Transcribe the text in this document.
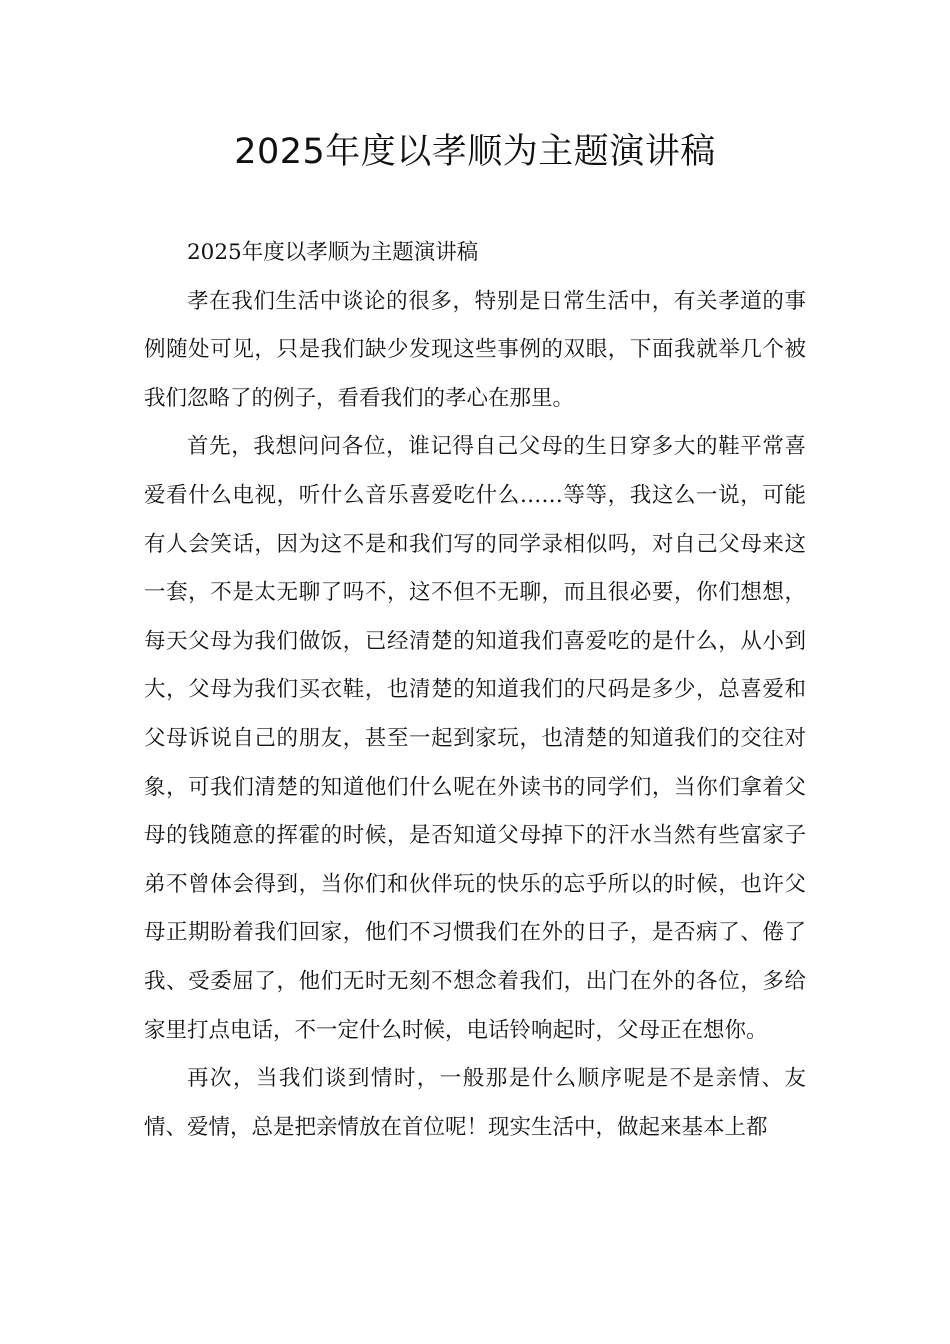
2025年度以孝顺为主题演讲稿

2025年度以孝顺为主题演讲稿

孝在我们生活中谈论的很多，特别是日常生活中，有关孝道的事例随处可见，只是我们缺少发现这些事例的双眼，下面我就举几个被我们忽略了的例子，看看我们的孝心在那里。

首先，我想问问各位，谁记得自己父母的生日穿多大的鞋平常喜爱看什么电视，听什么音乐喜爱吃什么……等等，我这么一说，可能有人会笑话，因为这不是和我们写的同学录相似吗，对自己父母来这一套，不是太无聊了吗不，这不但不无聊，而且很必要，你们想想，每天父母为我们做饭，已经清楚的知道我们喜爱吃的是什么，从小到大，父母为我们买衣鞋，也清楚的知道我们的尺码是多少，总喜爱和父母诉说自己的朋友，甚至一起到家玩，也清楚的知道我们的交往对象，可我们清楚的知道他们什么呢在外读书的同学们，当你们拿着父母的钱随意的挥霍的时候，是否知道父母掉下的汗水当然有些富家子弟不曾体会得到，当你们和伙伴玩的快乐的忘乎所以的时候，也许父母正期盼着我们回家，他们不习惯我们在外的日子，是否病了、倦了我、受委屈了，他们无时无刻不想念着我们，出门在外的各位，多给家里打点电话，不一定什么时候，电话铃响起时，父母正在想你。

再次，当我们谈到情时，一般那是什么顺序呢是不是亲情、友情、爱情，总是把亲情放在首位呢！现实生活中，做起来基本上都
